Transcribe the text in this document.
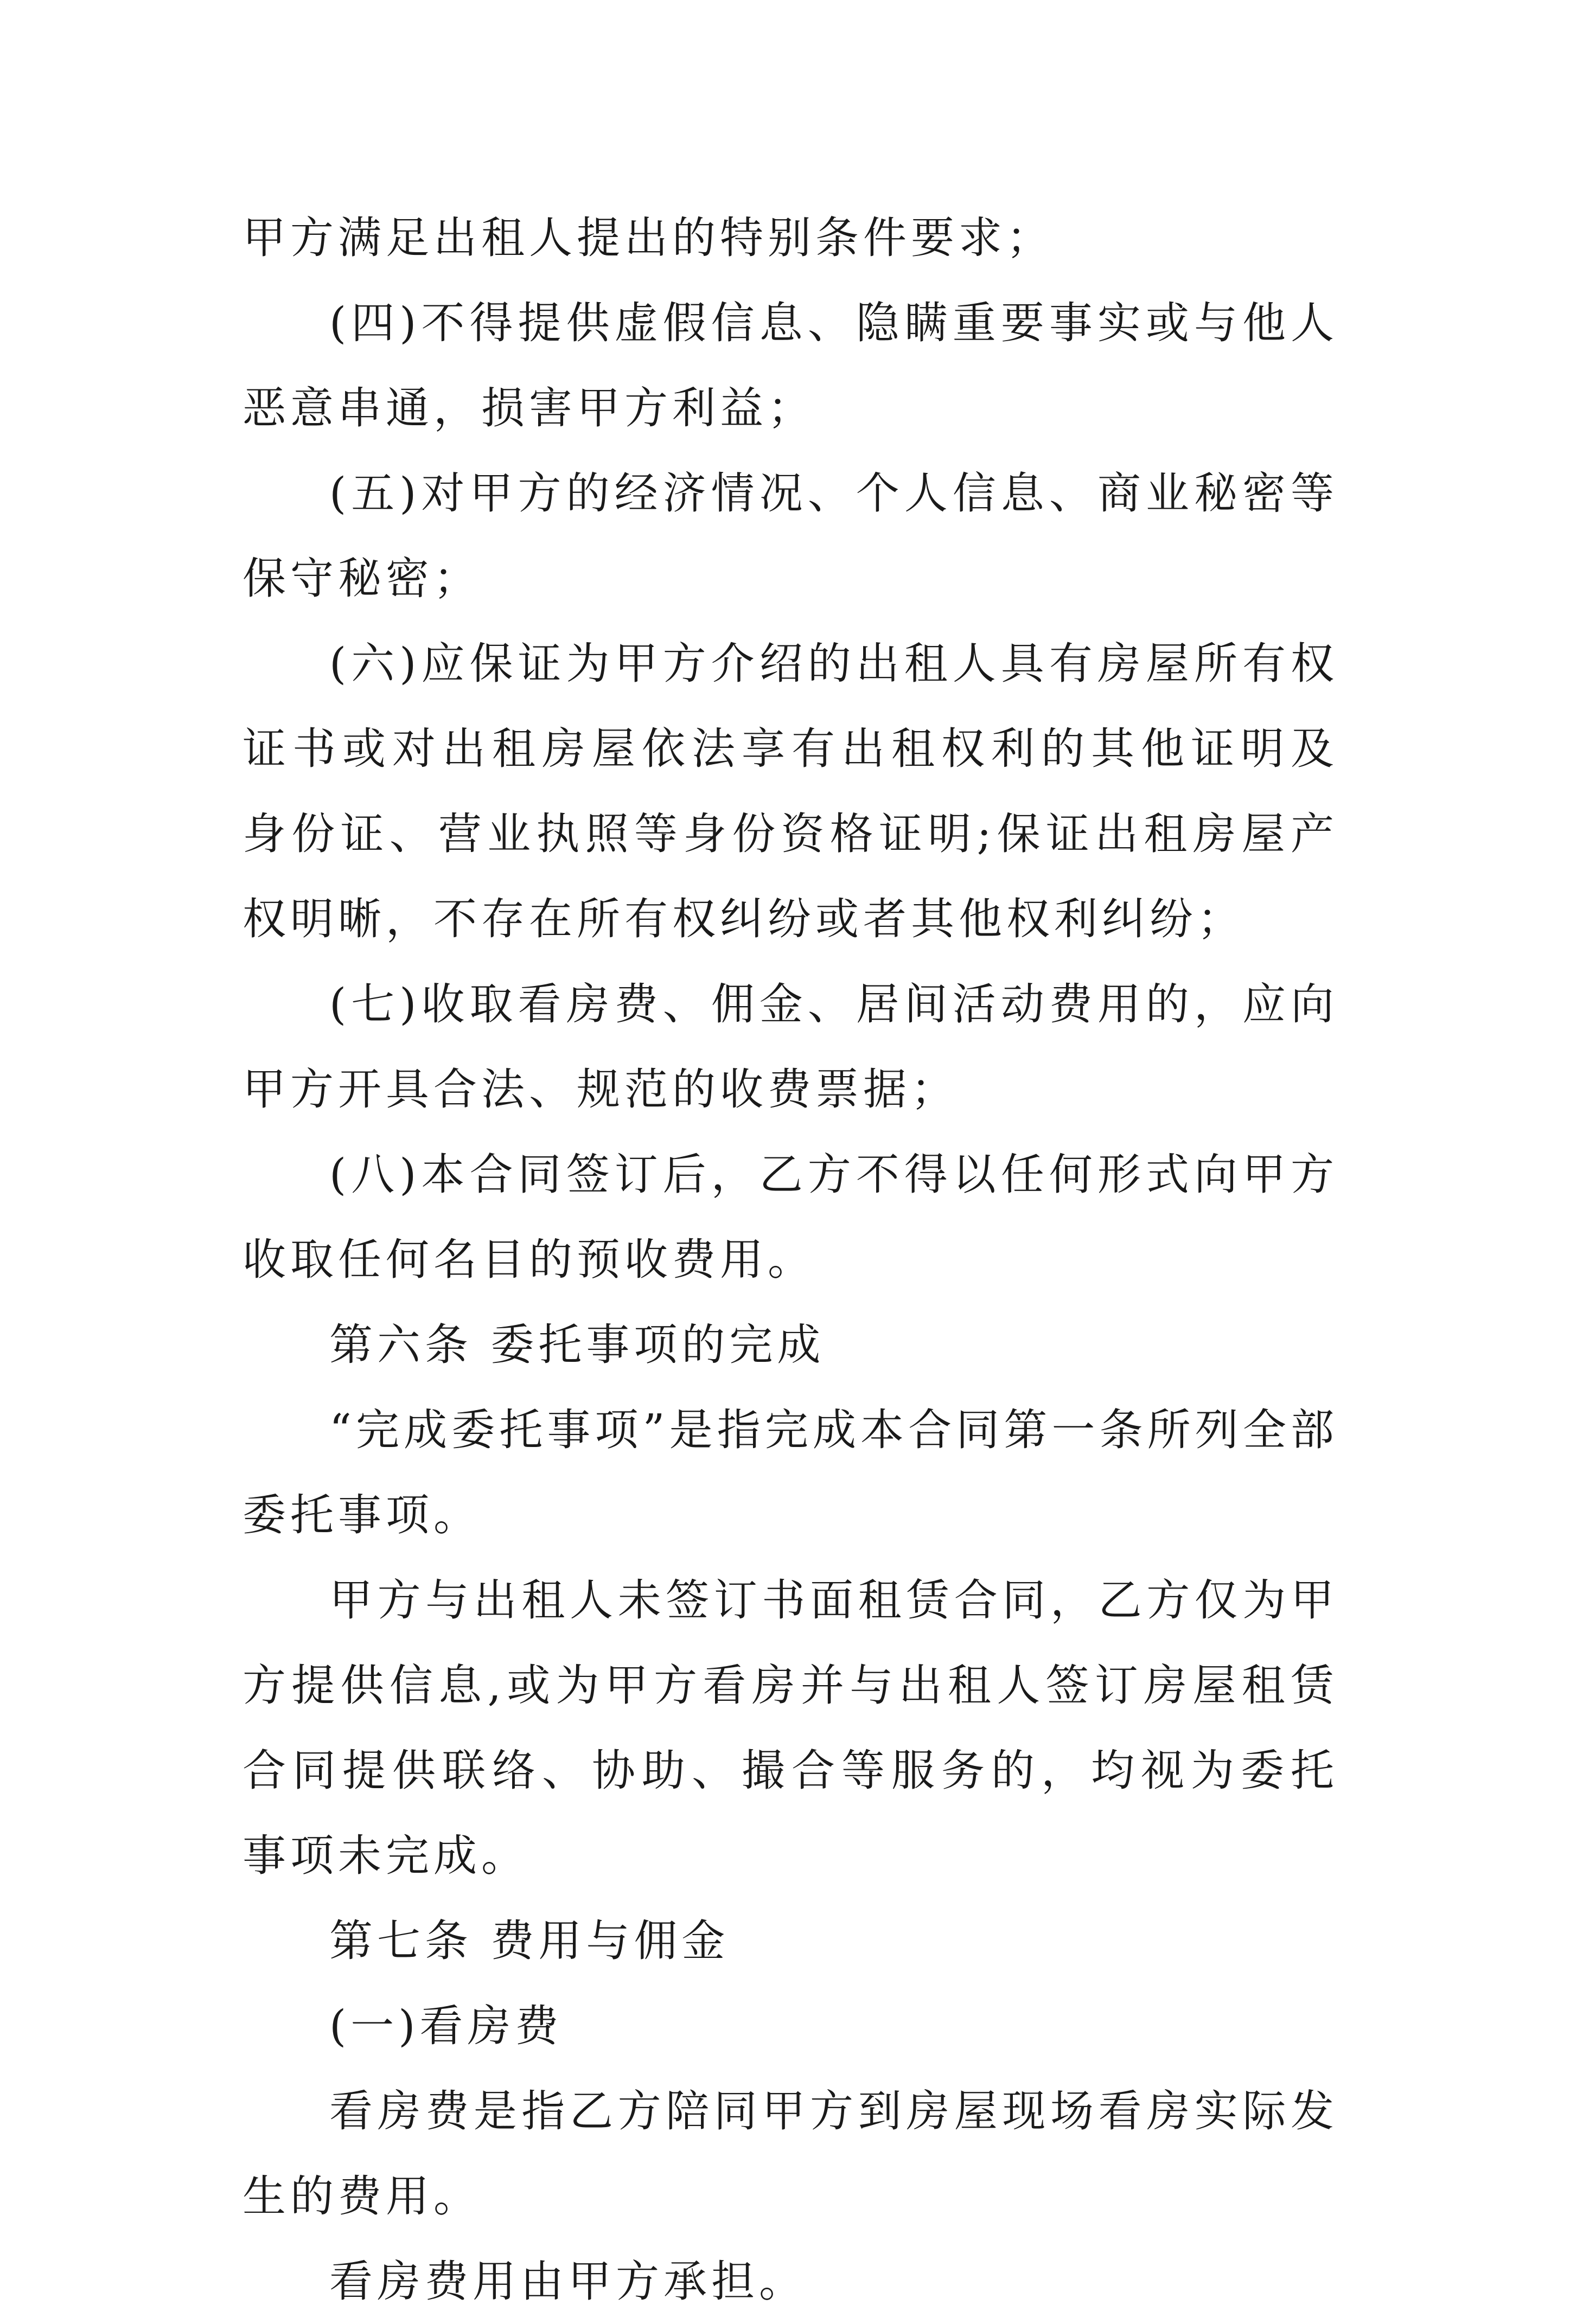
甲方满足出租人提出的特别条件要求；

(四)不得提供虚假信息、隐瞒重要事实或与他人恶意串通，损害甲方利益；

(五)对甲方的经济情况、个人信息、商业秘密等保守秘密；

(六)应保证为甲方介绍的出租人具有房屋所有权证书或对出租房屋依法享有出租权利的其他证明及身份证、营业执照等身份资格证明;保证出租房屋产权明晰，不存在所有权纠纷或者其他权利纠纷；

(七)收取看房费、佣金、居间活动费用的，应向甲方开具合法、规范的收费票据；

(八)本合同签订后，乙方不得以任何形式向甲方收取任何名目的预收费用。

第六条 委托事项的完成

“完成委托事项”是指完成本合同第一条所列全部委托事项。

甲方与出租人未签订书面租赁合同，乙方仅为甲方提供信息,或为甲方看房并与出租人签订房屋租赁合同提供联络、协助、撮合等服务的，均视为委托事项未完成。

第七条 费用与佣金

(一)看房费

看房费是指乙方陪同甲方到房屋现场看房实际发生的费用。

看房费用由甲方承担。
